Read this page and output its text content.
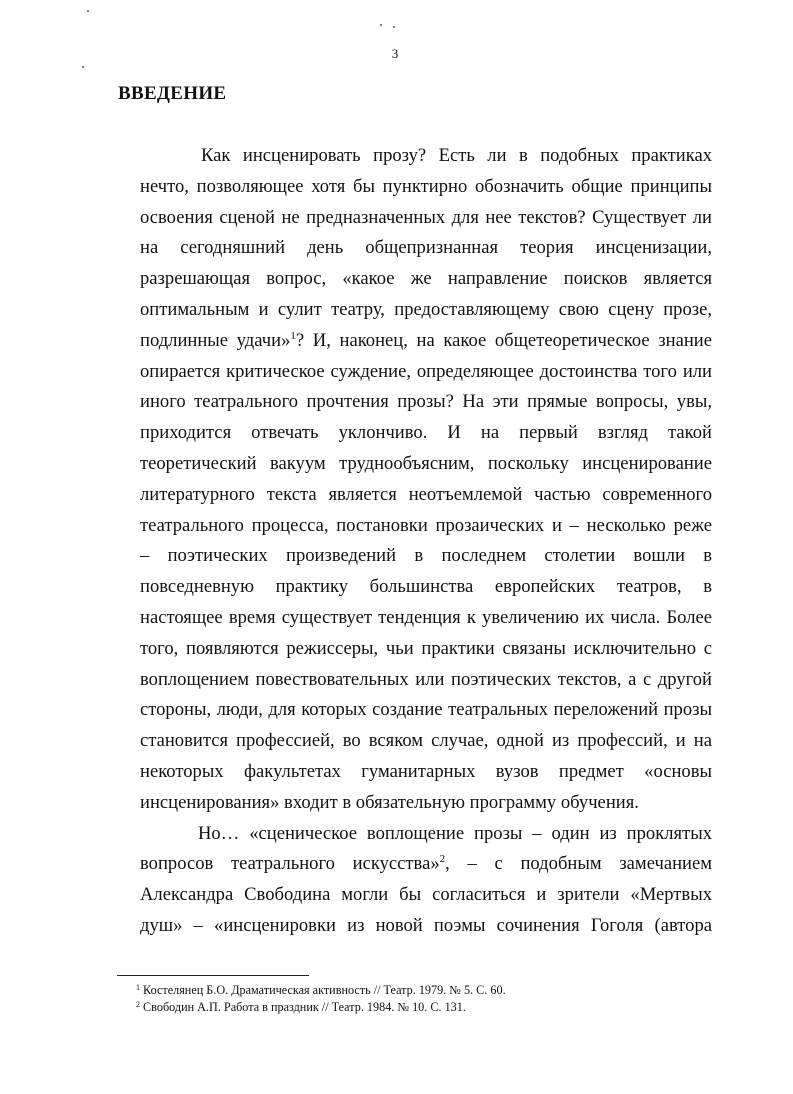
3
ВВЕДЕНИЕ
Как инсценировать прозу? Есть ли в подобных практиках
нечто, позволяющее хотя бы пунктирно обозначить общие принципы
освоения сценой не предназначенных для нее текстов? Существует ли
на сегодняшний день общепризнанная теория инсценизации,
разрешающая вопрос, «какое же направление поисков является
оптимальным и сулит театру, предоставляющему свою сцену прозе,
подлинные удачи»$^1$? И, наконец, на какое общетеоретическое знание
опирается критическое суждение, определяющее достоинства того или
иного театрального прочтения прозы? На эти прямые вопросы, увы,
приходится отвечать уклончиво. И на первый взгляд такой
теоретический вакуум труднообъясним, поскольку инсценирование
литературного текста является неотъемлемой частью современного
театрального процесса, постановки прозаических и – несколько реже
– поэтических произведений в последнем столетии вошли в
повседневную практику большинства европейских театров, в
настоящее время существует тенденция к увеличению их числа. Более
того, появляются режиссеры, чьи практики связаны исключительно с
воплощением повествовательных или поэтических текстов, а с другой
стороны, люди, для которых создание театральных переложений прозы
становится профессией, во всяком случае, одной из профессий, и на
некоторых факультетах гуманитарных вузов предмет «основы
инсценирования» входит в обязательную программу обучения.
Но… «сценическое воплощение прозы – один из проклятых
вопросов театрального искусства»$^2$, – с подобным замечанием
Александра Свободина могли бы согласиться и зрители «Мертвых
душ» – «инсценировки из новой поэмы сочинения Гоголя (автора
$^1$ Костелянец Б.О. Драматическая активность // Театр. 1979. № 5. С. 60.
$^2$ Свободин А.П. Работа в праздник // Театр. 1984. № 10. С. 131.
